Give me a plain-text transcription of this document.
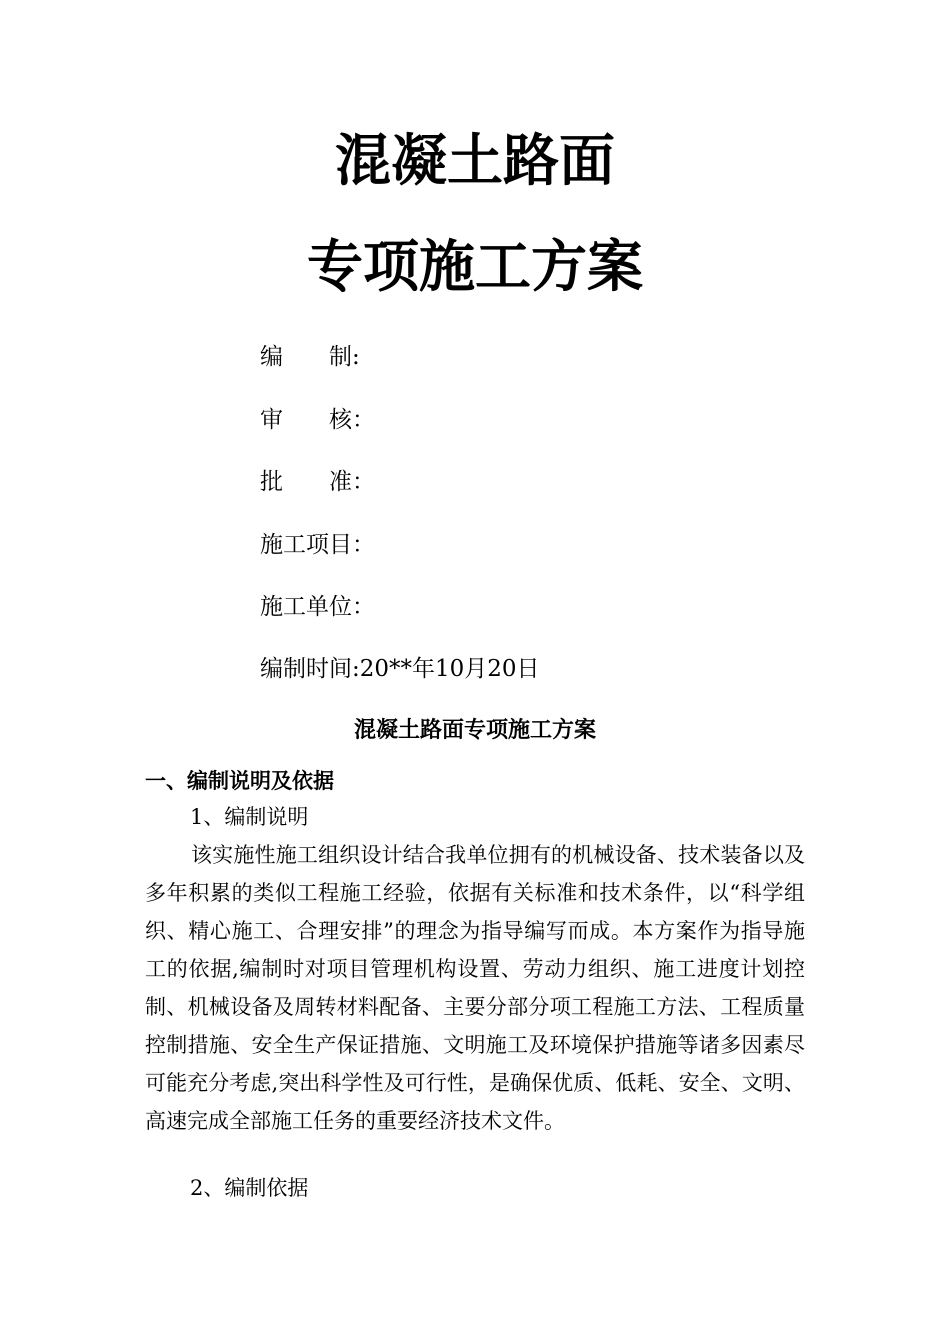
混凝土路面
专项施工方案
编　　制:
审　　核：
批　　准：
施工项目：
施工单位：
编制时间:20**年10月20日
混凝土路面专项施工方案
一、编制说明及依据

1、编制说明

该实施性施工组织设计结合我单位拥有的机械设备、技术装备以及多年积累的类似工程施工经验，依据有关标准和技术条件，以“科学组织、精心施工、合理安排”的理念为指导编写而成。本方案作为指导施工的依据,编制时对项目管理机构设置、劳动力组织、施工进度计划控制、机械设备及周转材料配备、主要分部分项工程施工方法、工程质量控制措施、安全生产保证措施、文明施工及环境保护措施等诸多因素尽可能充分考虑,突出科学性及可行性，是确保优质、低耗、安全、文明、高速完成全部施工任务的重要经济技术文件。

2、编制依据
